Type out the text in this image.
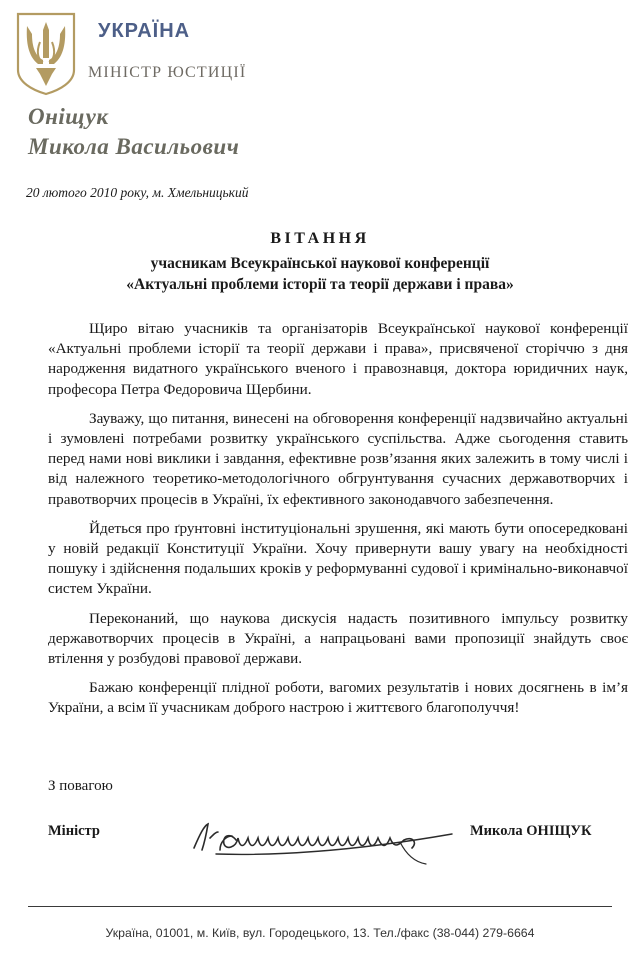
УКРАЇНА
МІНІСТР ЮСТИЦІЇ
Оніщук
Микола Васильович
20 лютого 2010 року, м. Хмельницький
ВІТАННЯ
учасникам Всеукраїнської наукової конференції
«Актуальні проблеми історії та теорії держави і права»

Щиро вітаю учасників та організаторів Всеукраїнської наукової конференції «Актуальні проблеми історії та теорії держави і права», присвяченої сторіччю з дня народження видатного українського вченого і правознавця, доктора юридичних наук, професора Петра Федоровича Щербини.

Зауважу, що питання, винесені на обговорення конференції надзвичайно актуальні і зумовлені потребами розвитку українського суспільства. Адже сьогодення ставить перед нами нові виклики і завдання, ефективне розв’язання яких залежить в тому числі і від належного теоретико-методологічного обгрунтування сучасних державотворчих і правотворчих процесів в Україні, їх ефективного законодавчого забезпечення.

Йдеться про ґрунтовні інституціональні зрушення, які мають бути опосередковані у новій редакції Конституції України. Хочу привернути вашу увагу на необхідності пошуку і здійснення подальших кроків у реформуванні судової і кримінально-виконавчої систем України.

Переконаний, що наукова дискусія надасть позитивного імпульсу розвитку державотворчих процесів в Україні, а напрацьовані вами пропозиції знайдуть своє втілення у розбудові правової держави.

Бажаю конференції плідної роботи, вагомих результатів і нових досягнень в ім’я України, а всім її учасникам доброго настрою і життєвого благополуччя!

З повагою
Міністр	Микола ОНІЩУК
Україна, 01001, м. Київ, вул. Городецького, 13. Тел./факс (38-044) 279-6664
